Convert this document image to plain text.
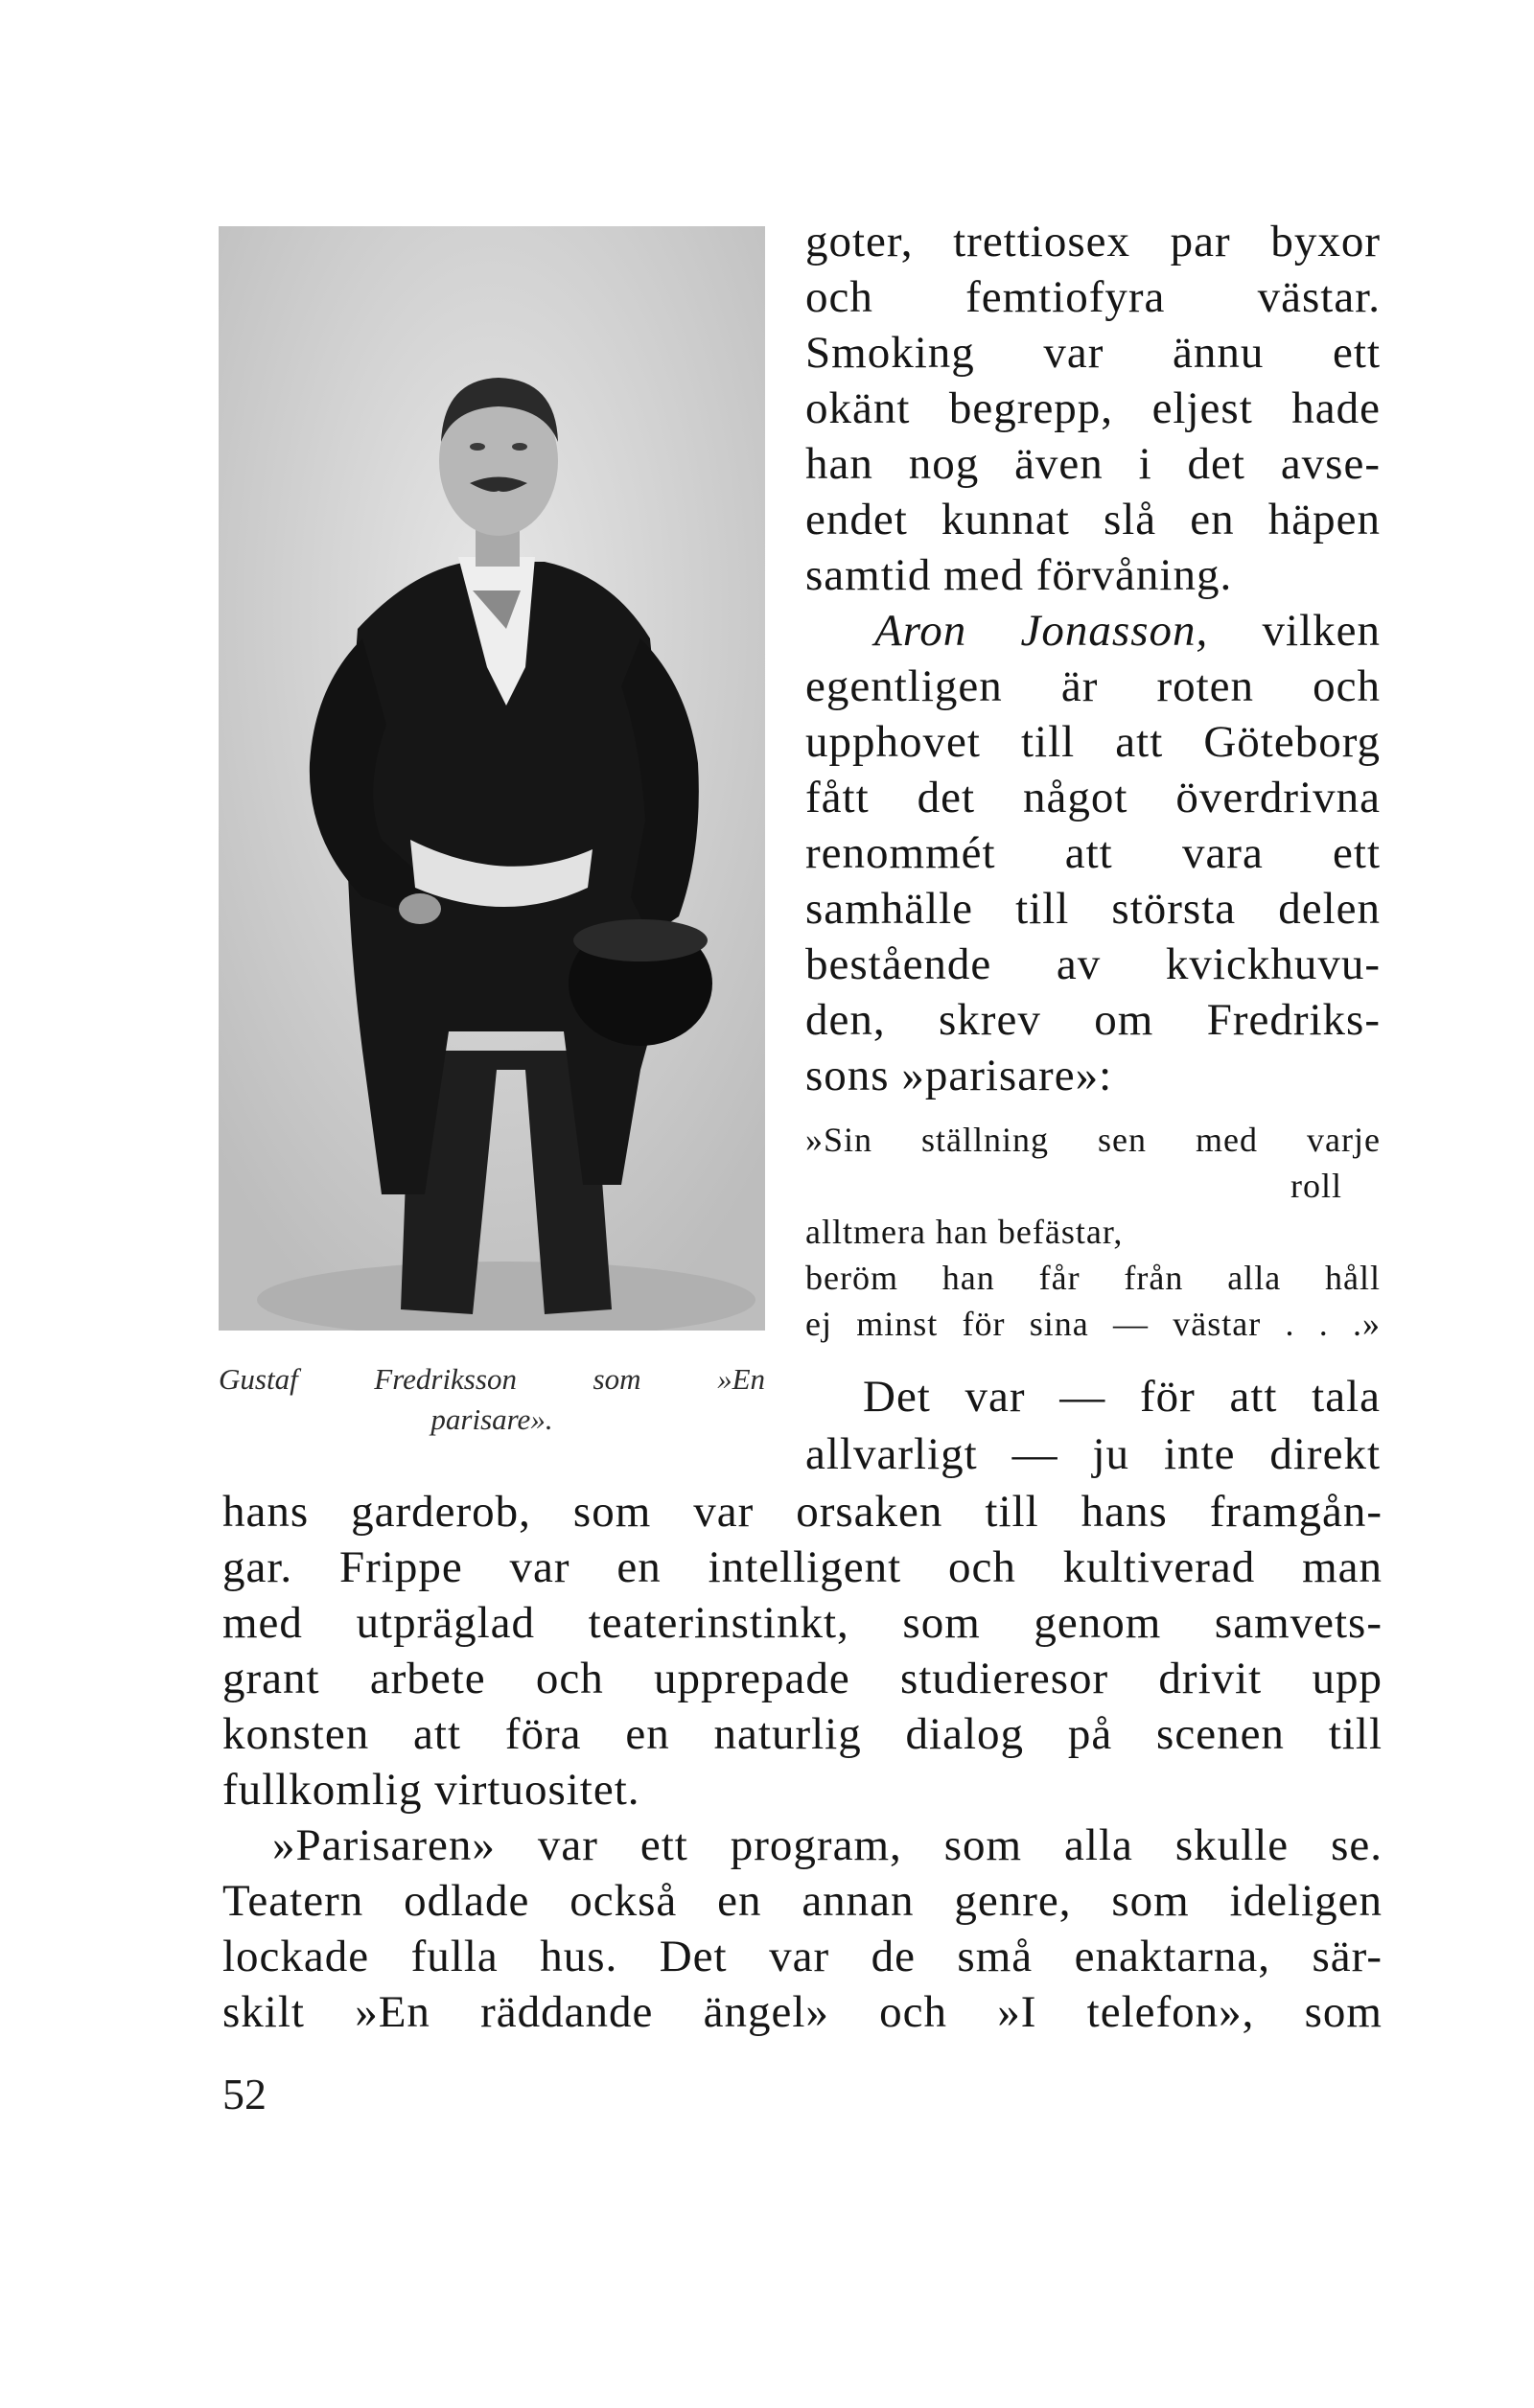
Gustaf	Fredriksson	som	»En
parisare».
goter, trettiosex par byxor
och femtiofyra västar.
Smoking var ännu ett
okänt begrepp, eljest hade
han nog även i det avse-
endet kunnat slå en häpen
samtid med förvåning.
Aron Jonasson, vilken
egentligen är roten och
upphovet till att Göteborg
fått det något överdrivna
renommét att vara ett
samhälle till största delen
bestående av kvickhuvu-
den, skrev om Fredriks-
sons »parisare»:
»Sin ställning sen med varje
roll
alltmera han befästar,
beröm han får från alla håll
ej minst för sina — västar . . .»
Det var — för att tala
allvarligt — ju inte direkt
hans garderob, som var orsaken till hans framgån-
gar. Frippe var en intelligent och kultiverad man
med utpräglad teaterinstinkt, som genom samvets-
grant arbete och upprepade studieresor drivit upp
konsten att föra en naturlig dialog på scenen till
fullkomlig virtuositet.
»Parisaren» var ett program, som alla skulle se.
Teatern odlade också en annan genre, som ideligen
lockade fulla hus. Det var de små enaktarna, sär-
skilt »En räddande ängel» och »I telefon», som
52
